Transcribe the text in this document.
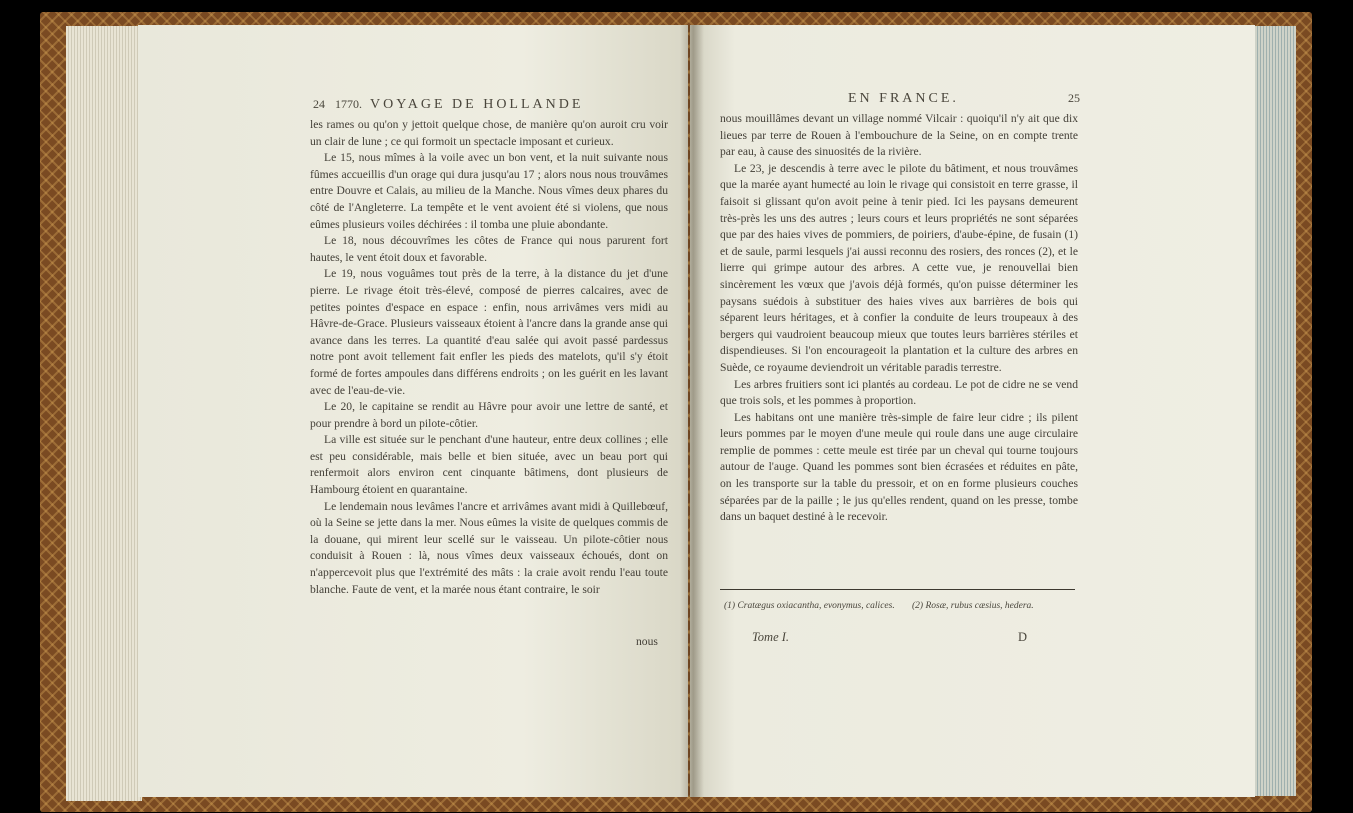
24 1770. VOYAGE DE HOLLANDE

les rames ou qu'on y jettoit quelque chose, de manière qu'on auroit cru voir un clair de lune ; ce qui formoit un spectacle imposant et curieux.

Le 15, nous mîmes à la voile avec un bon vent, et la nuit suivante nous fûmes accueillis d'un orage qui dura jusqu'au 17 ; alors nous nous trouvâmes entre Douvre et Calais, au milieu de la Manche. Nous vîmes deux phares du côté de l'Angleterre. La tempête et le vent avoient été si violens, que nous eûmes plusieurs voiles déchirées : il tomba une pluie abondante.

Le 18, nous découvrîmes les côtes de France qui nous parurent fort hautes, le vent étoit doux et favorable.

Le 19, nous voguâmes tout près de la terre, à la distance du jet d'une pierre. Le rivage étoit très-élevé, composé de pierres calcaires, avec de petites pointes d'espace en espace : enfin, nous arrivâmes vers midi au Hâvre-de-Grace. Plusieurs vaisseaux étoient à l'ancre dans la grande anse qui avance dans les terres. La quantité d'eau salée qui avoit passé pardessus notre pont avoit tellement fait enfler les pieds des matelots, qu'il s'y étoit formé de fortes ampoules dans différens endroits ; on les guérit en les lavant avec de l'eau-de-vie.

Le 20, le capitaine se rendit au Hâvre pour avoir une lettre de santé, et pour prendre à bord un pilote-côtier.

La ville est située sur le penchant d'une hauteur, entre deux collines ; elle est peu considérable, mais belle et bien située, avec un beau port qui renfermoit alors environ cent cinquante bâtimens, dont plusieurs de Hambourg étoient en quarantaine.

Le lendemain nous levâmes l'ancre et arrivâmes avant midi à Quillebœuf, où la Seine se jette dans la mer. Nous eûmes la visite de quelques commis de la douane, qui mirent leur scellé sur le vaisseau. Un pilote-côtier nous conduisit à Rouen : là, nous vîmes deux vaisseaux échoués, dont on n'appercevoit plus que l'extrémité des mâts : la craie avoit rendu l'eau toute blanche. Faute de vent, et la marée nous étant contraire, le soir

nous
EN FRANCE.	25

nous mouillâmes devant un village nommé Vilcair : quoiqu'il n'y ait que dix lieues par terre de Rouen à l'embouchure de la Seine, on en compte trente par eau, à cause des sinuosités de la rivière.

Le 23, je descendis à terre avec le pilote du bâtiment, et nous trouvâmes que la marée ayant humecté au loin le rivage qui consistoit en terre grasse, il faisoit si glissant qu'on avoit peine à tenir pied. Ici les paysans demeurent très-près les uns des autres ; leurs cours et leurs propriétés ne sont séparées que par des haies vives de pommiers, de poiriers, d'aube-épine, de fusain (1) et de saule, parmi lesquels j'ai aussi reconnu des rosiers, des ronces (2), et le lierre qui grimpe autour des arbres. A cette vue, je renouvellai bien sincèrement les vœux que j'avois déjà formés, qu'on puisse déterminer les paysans suédois à substituer des haies vives aux barrières de bois qui séparent leurs héritages, et à confier la conduite de leurs troupeaux à des bergers qui vaudroient beaucoup mieux que toutes leurs barrières stériles et dispendieuses. Si l'on encourageoit la plantation et la culture des arbres en Suède, ce royaume deviendroit un véritable paradis terrestre.

Les arbres fruitiers sont ici plantés au cordeau. Le pot de cidre ne se vend que trois sols, et les pommes à proportion.

Les habitans ont une manière très-simple de faire leur cidre ; ils pilent leurs pommes par le moyen d'une meule qui roule dans une auge circulaire remplie de pommes : cette meule est tirée par un cheval qui tourne toujours autour de l'auge. Quand les pommes sont bien écrasées et réduites en pâte, on les transporte sur la table du pressoir, et on en forme plusieurs couches séparées par de la paille ; le jus qu'elles rendent, quand on les presse, tombe dans un baquet destiné à le recevoir.

(1) Cratægus oxiacantha, evonymus, calices.	(2) Rosæ, rubus cæsius, hedera.
Tome I.	D
